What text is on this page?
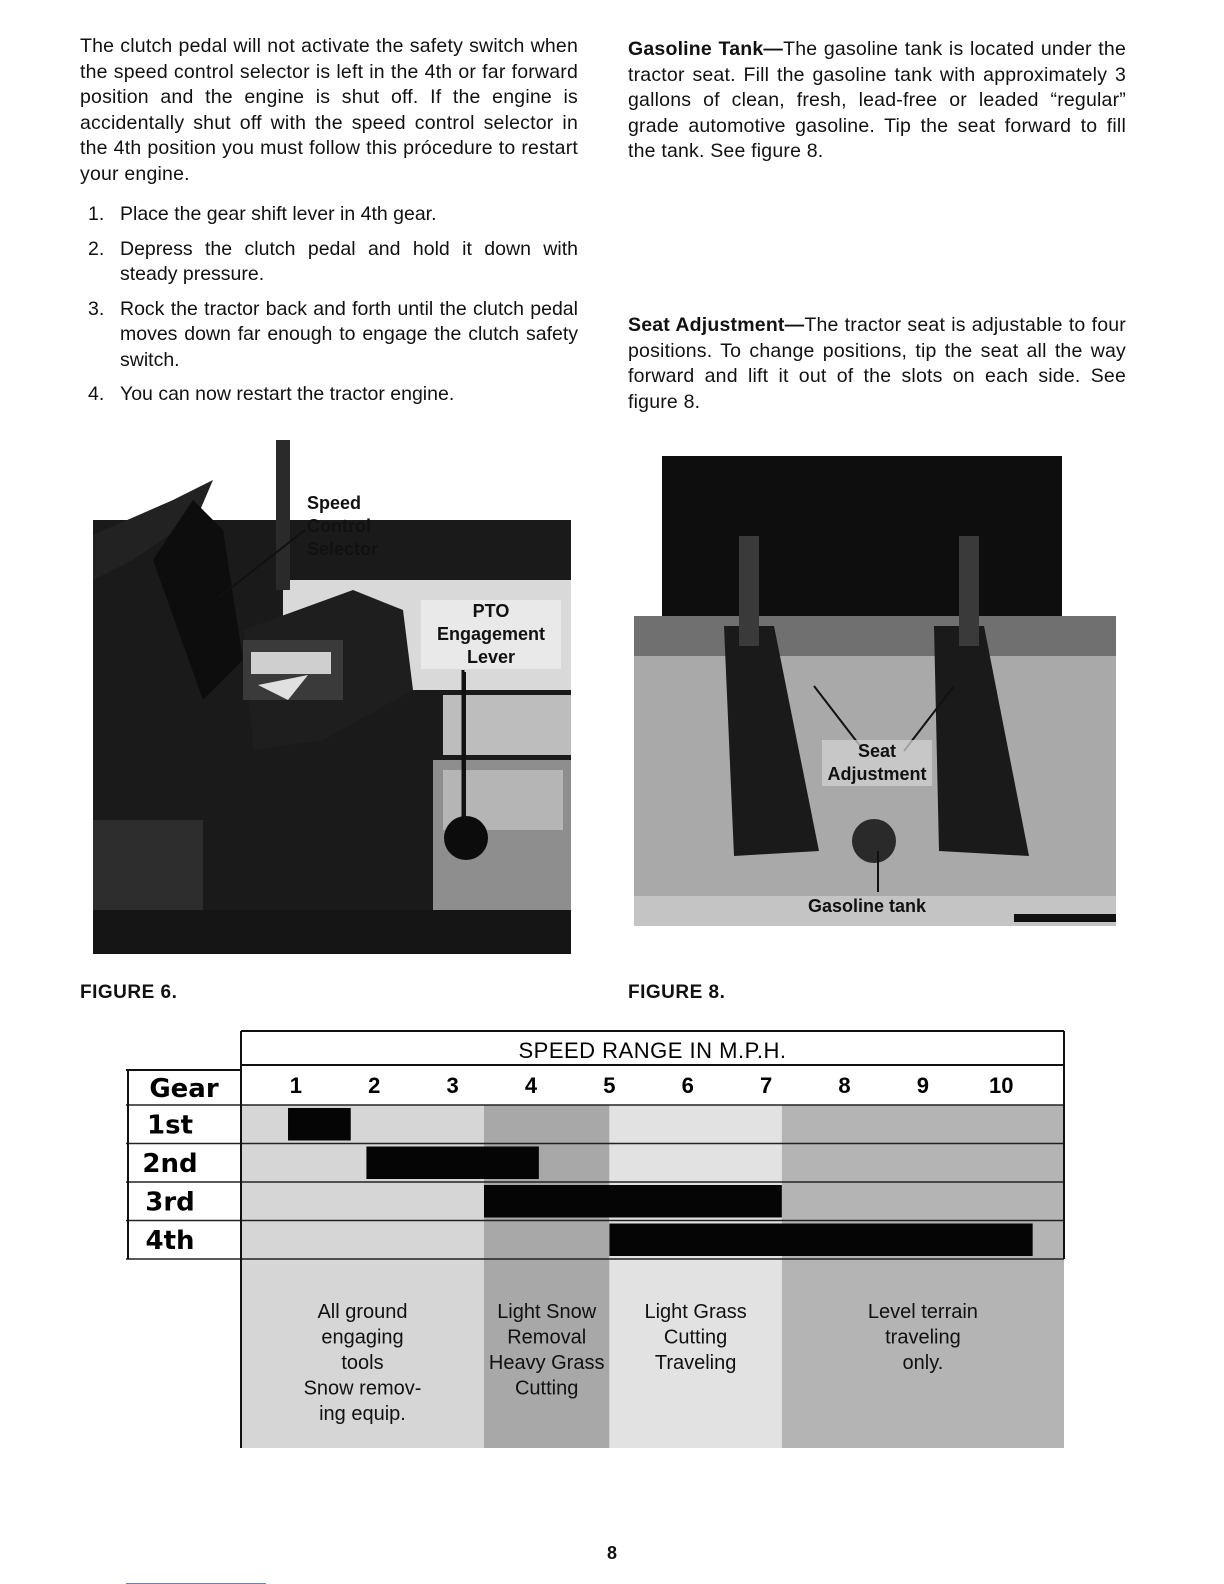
The clutch pedal will not activate the safety switch when the speed control selector is left in the 4th or far forward position and the engine is shut off. If the engine is accidentally shut off with the speed control selector in the 4th position you must follow this prócedure to restart your engine.
1. Place the gear shift lever in 4th gear.
2. Depress the clutch pedal and hold it down with steady pressure.
3. Rock the tractor back and forth until the clutch pedal moves down far enough to engage the clutch safety switch.
4. You can now restart the tractor engine.
Gasoline Tank—The gasoline tank is located under the tractor seat. Fill the gasoline tank with approximately 3 gallons of clean, fresh, lead-free or leaded “regular” grade automotive gasoline. Tip the seat forward to fill the tank. See figure 8.
Seat Adjustment—The tractor seat is adjustable to four positions. To change positions, tip the seat all the way forward and lift it out of the slots on each side. See figure 8.
Speed
Control
Selector
PTO
Engagement
Lever
FIGURE 6.
Seat
Adjustment
Gasoline tank
FIGURE 8.
SPEED RANGE IN M.P.H.
Gear	1	2	3	4	5	6	7	8	9	10
1st
2nd
3rd
4th
All ground
engaging
tools
Snow remov-
ing equip.
Light Snow
Removal
Heavy Grass
Cutting
Light Grass
Cutting
Traveling
Level terrain
traveling
only.
8
